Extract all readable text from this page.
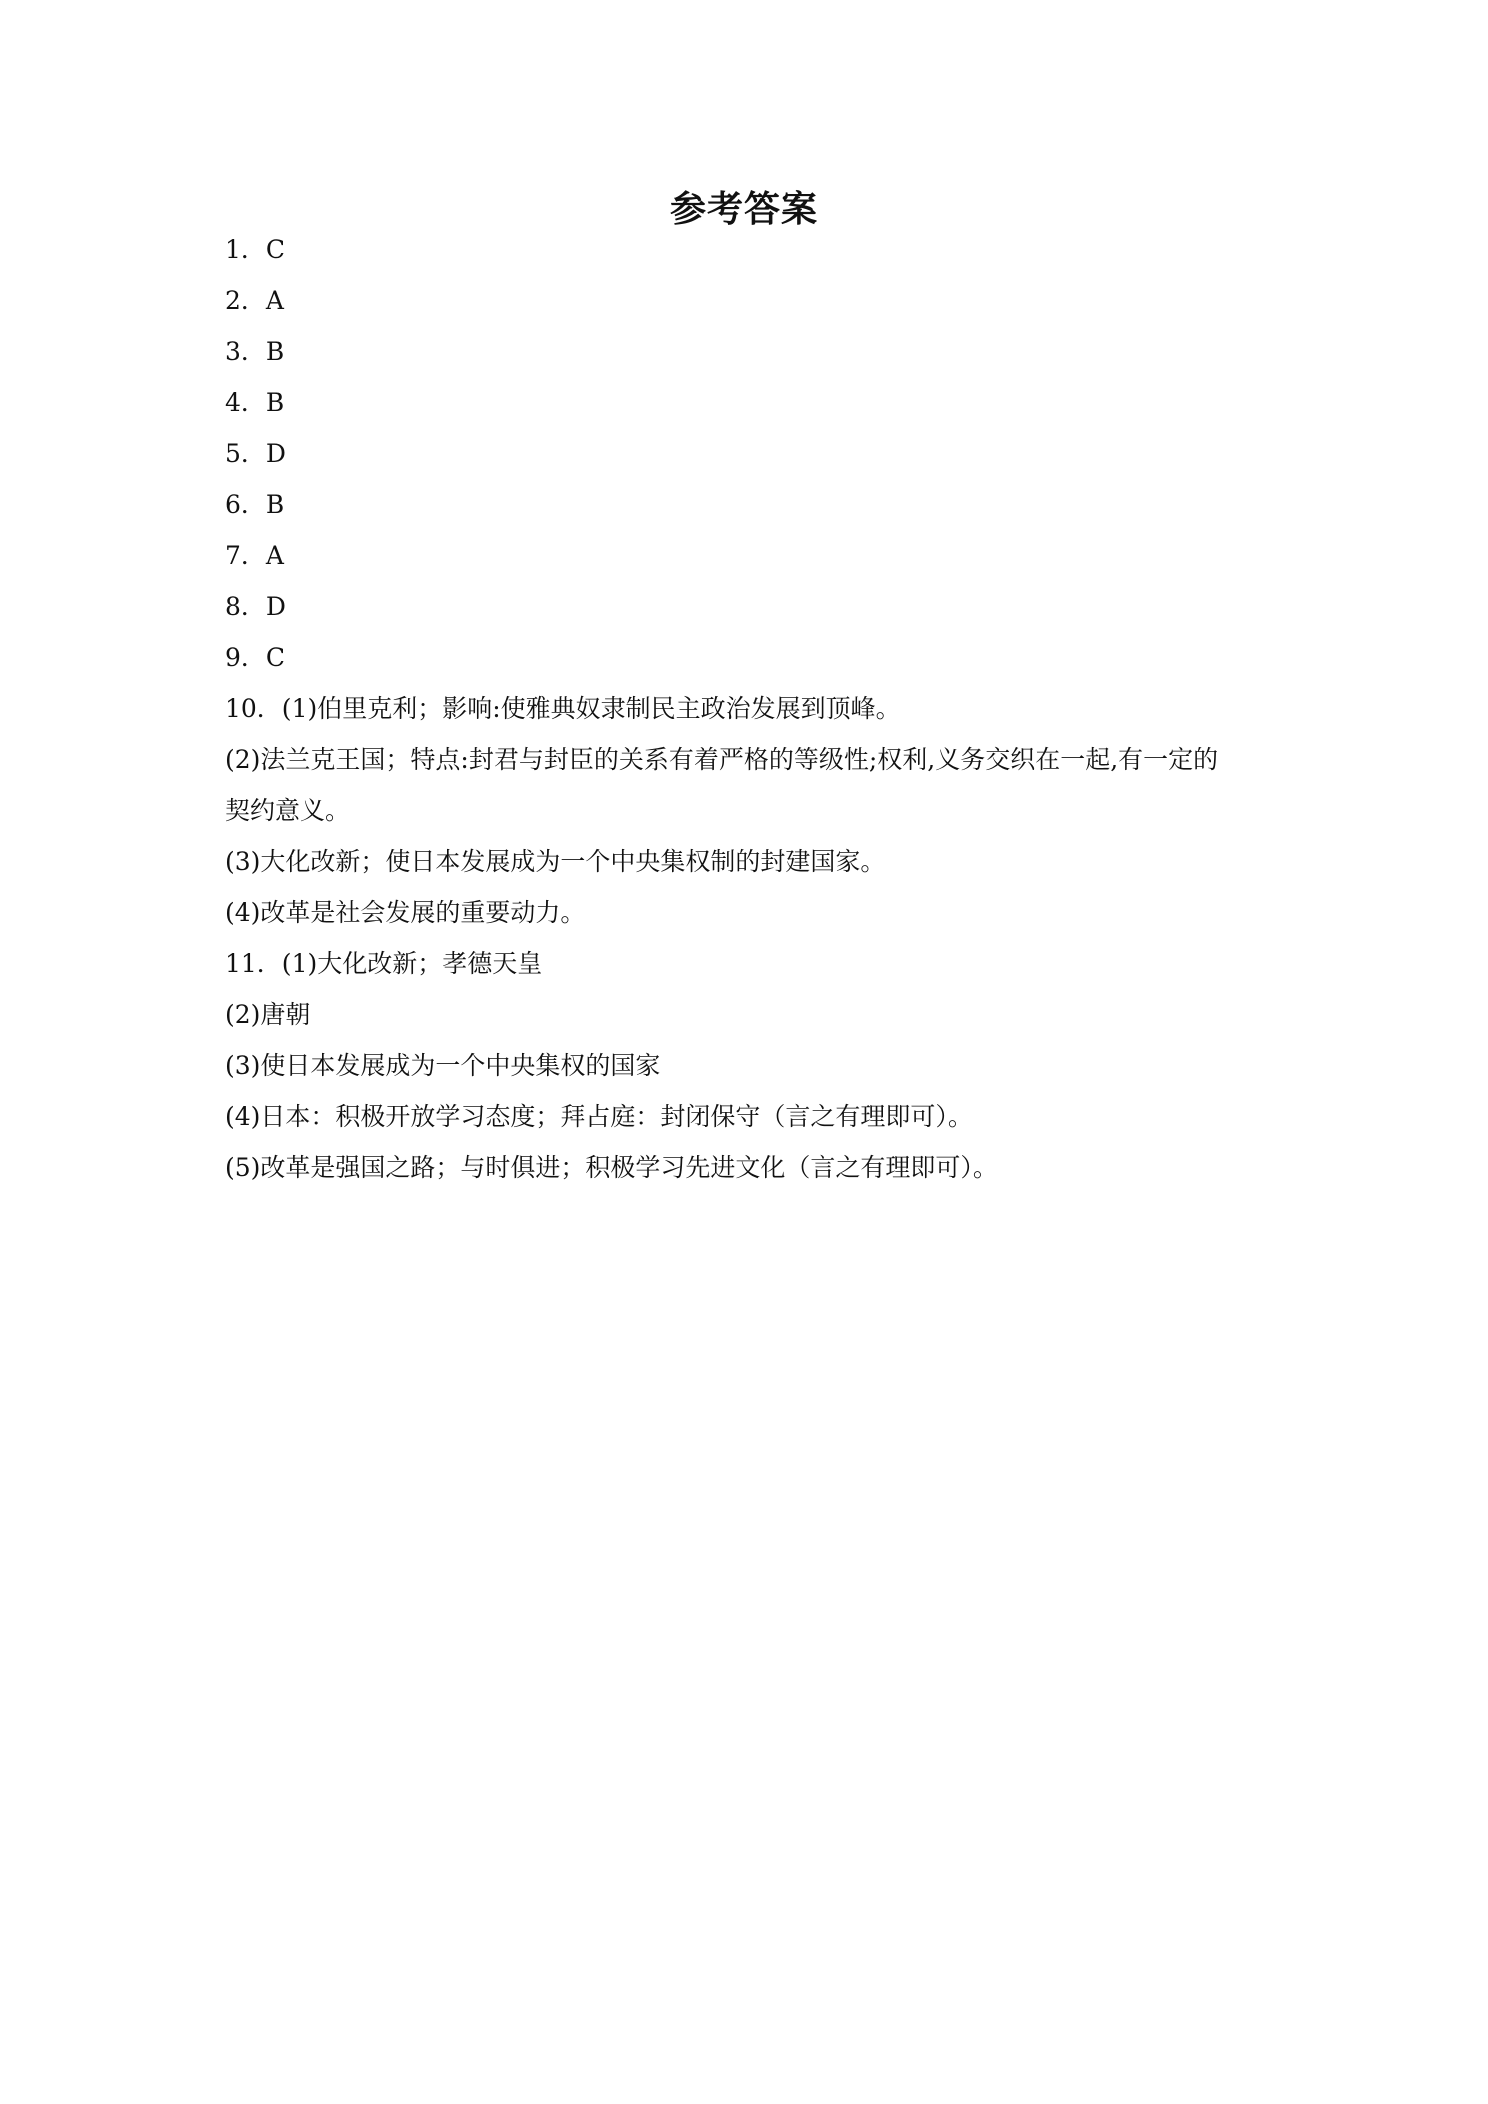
参考答案
1．C
2．A
3．B
4．B
5．D
6．B
7．A
8．D
9．C
10．(1)伯里克利；影响:使雅典奴隶制民主政治发展到顶峰。
(2)法兰克王国；特点:封君与封臣的关系有着严格的等级性;权利,义务交织在一起,有一定的
契约意义。
(3)大化改新；使日本发展成为一个中央集权制的封建国家。
(4)改革是社会发展的重要动力。
11．(1)大化改新；孝德天皇
(2)唐朝
(3)使日本发展成为一个中央集权的国家
(4)日本：积极开放学习态度；拜占庭：封闭保守（言之有理即可）。
(5)改革是强国之路；与时俱进；积极学习先进文化（言之有理即可）。
